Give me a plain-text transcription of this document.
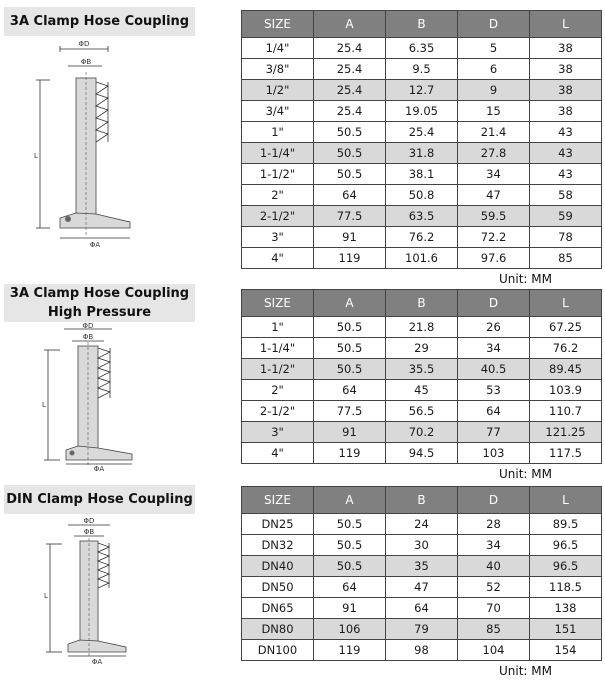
3A Clamp Hose Coupling
ΦD
ΦB
L
ΦA
SIZE	A	B	D	L
1/4"	25.4	6.35	5	38
3/8"	25.4	9.5	6	38
1/2"	25.4	12.7	9	38
3/4"	25.4	19.05	15	38
1"	50.5	25.4	21.4	43
1-1/4"	50.5	31.8	27.8	43
1-1/2"	50.5	38.1	34	43
2"	64	50.8	47	58
2-1/2"	77.5	63.5	59.5	59
3"	91	76.2	72.2	78
4"	119	101.6	97.6	85
Unit: MM
3A Clamp Hose Coupling
High Pressure
ΦD
ΦB
L
ΦA
SIZE	A	B	D	L
1"	50.5	21.8	26	67.25
1-1/4"	50.5	29	34	76.2
1-1/2"	50.5	35.5	40.5	89.45
2"	64	45	53	103.9
2-1/2"	77.5	56.5	64	110.7
3"	91	70.2	77	121.25
4"	119	94.5	103	117.5
Unit: MM
DIN Clamp Hose Coupling
ΦD
ΦB
L
ΦA
SIZE	A	B	D	L
DN25	50.5	24	28	89.5
DN32	50.5	30	34	96.5
DN40	50.5	35	40	96.5
DN50	64	47	52	118.5
DN65	91	64	70	138
DN80	106	79	85	151
DN100	119	98	104	154
Unit: MM
